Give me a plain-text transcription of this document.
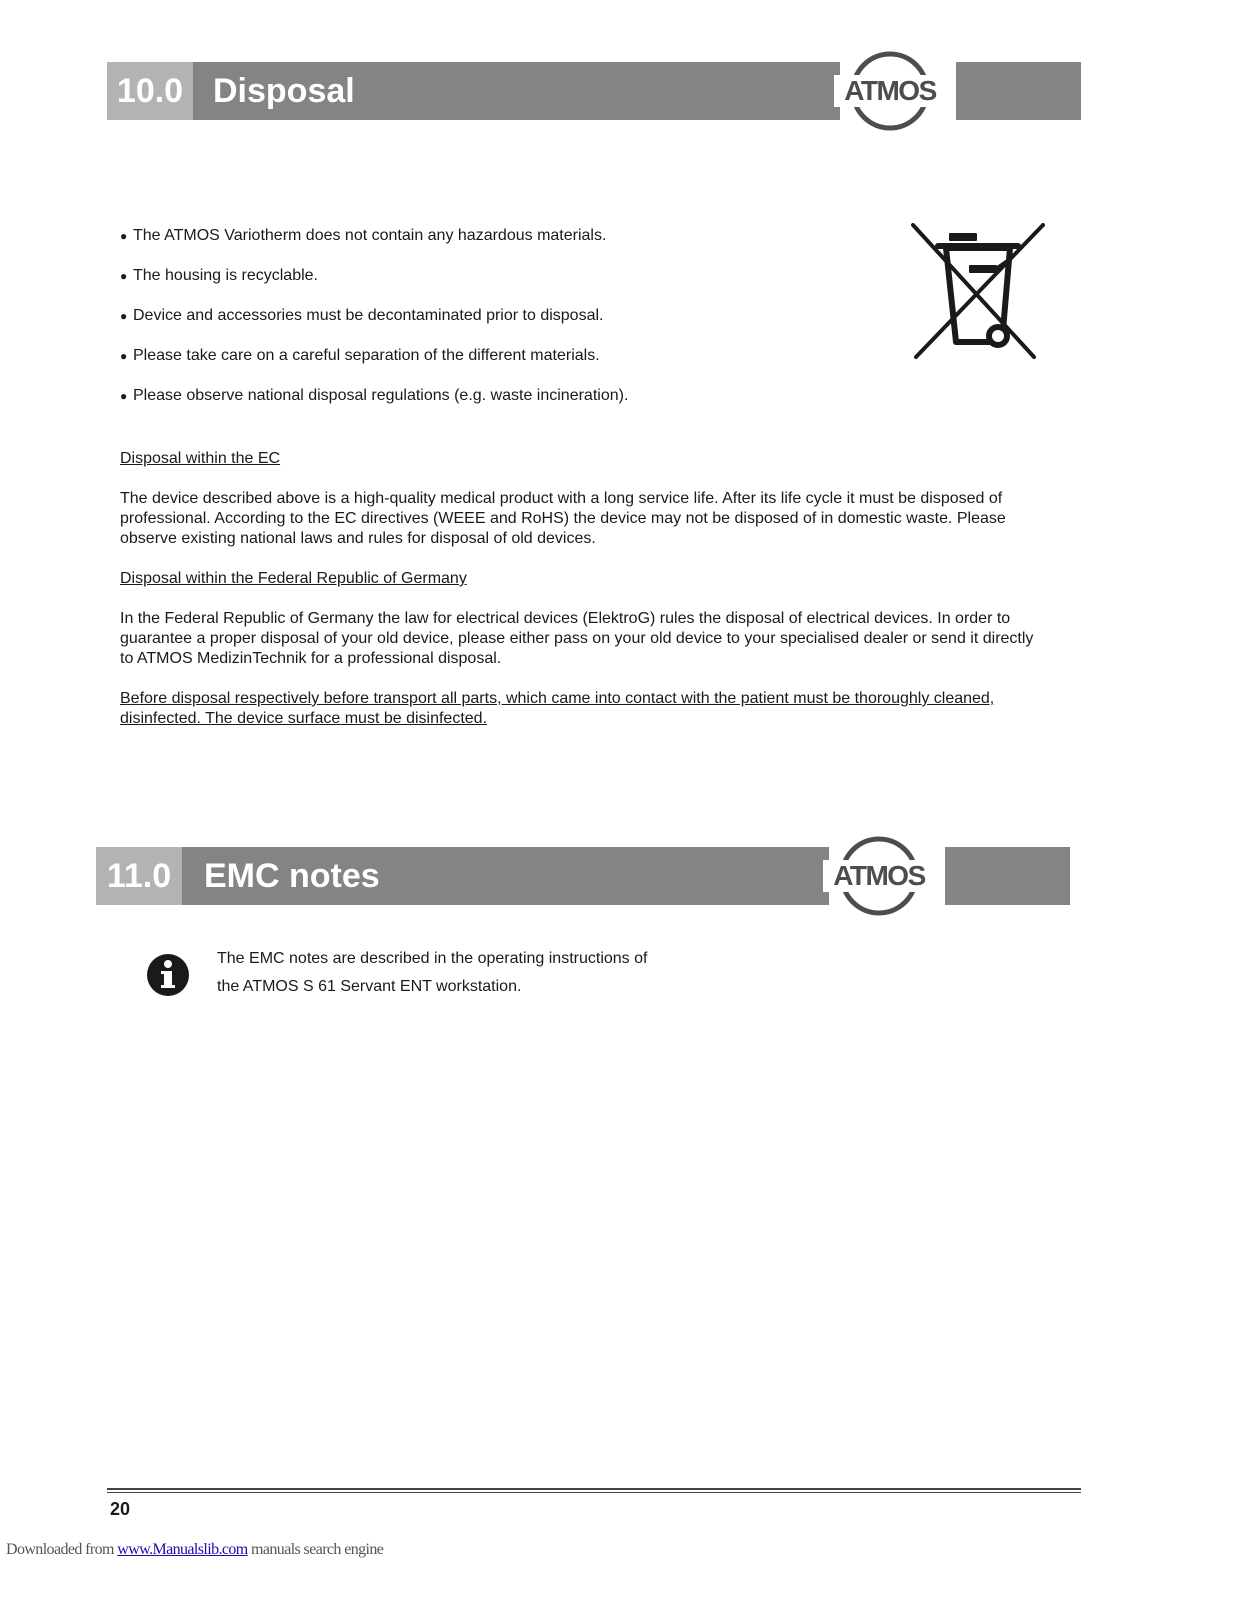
10.0 Disposal	ATMOS
● The ATMOS Variotherm does not contain any hazardous materials.
● The housing is recyclable.
● Device and accessories must be decontaminated prior to disposal.
● Please take care on a careful separation of the different materials.
● Please observe national disposal regulations (e.g. waste incineration).

Disposal within the EC

The device described above is a high-quality medical product with a long service life. After its life cycle it must be disposed of professional. According to the EC directives (WEEE and RoHS) the device may not be disposed of in domestic waste. Please observe existing national laws and rules for disposal of old devices.

Disposal within the Federal Republic of Germany

In the Federal Republic of Germany the law for electrical devices (ElektroG) rules the disposal of electrical devices. In order to guarantee a proper disposal of your old device, please either pass on your old device to your specialised dealer or send it directly to ATMOS MedizinTechnik for a professional disposal.

Before disposal respectively before transport all parts, which came into contact with the patient must be thoroughly cleaned, disinfected. The device surface must be disinfected.

11.0 EMC notes	ATMOS
The EMC notes are described in the operating instructions of
the ATMOS S 61 Servant ENT workstation.
20
Downloaded from www.Manualslib.com manuals search engine
